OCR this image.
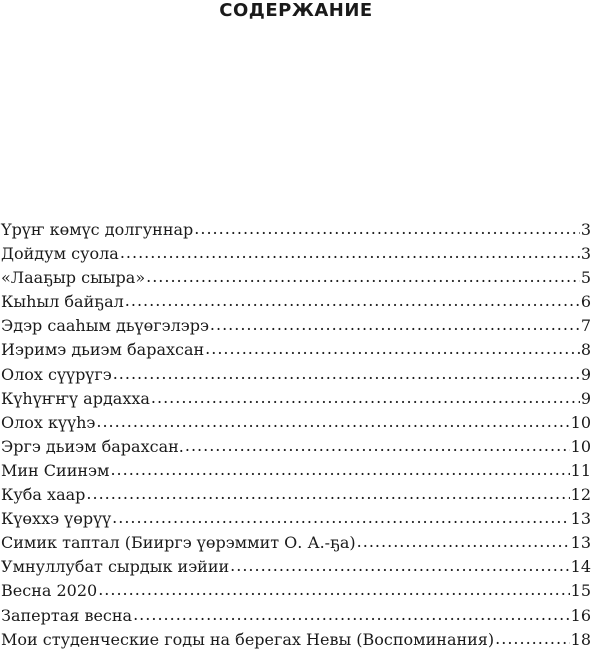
СОДЕРЖАНИЕ
Үрүҥ көмүс долгуннар .....	3
Дойдум суола .....	3
«Лааҕыр сыыра» .....	5
Кыһыл байҕал .....	6
Эдэр сааһым дьүөгэлэрэ .....	7
Иэримэ дьиэм барахсан .....	8
Олох сүүрүгэ .....	9
Күһүҥҥү ардахха .....	9
Олох күүһэ .....	10
Эргэ дьиэм барахсан. .....	10
Мин Сиинэм .....	11
Куба хаар .....	12
Күөххэ үөрүү .....	13
Симик таптал (Бииргэ үөрэммит О. А.-ҕа) .....	13
Умнуллубат сырдык иэйии .....	14
Весна 2020 .....	15
Запертая весна .....	16
Мои студенческие годы на берегах Невы (Воспоминания) .....	18
